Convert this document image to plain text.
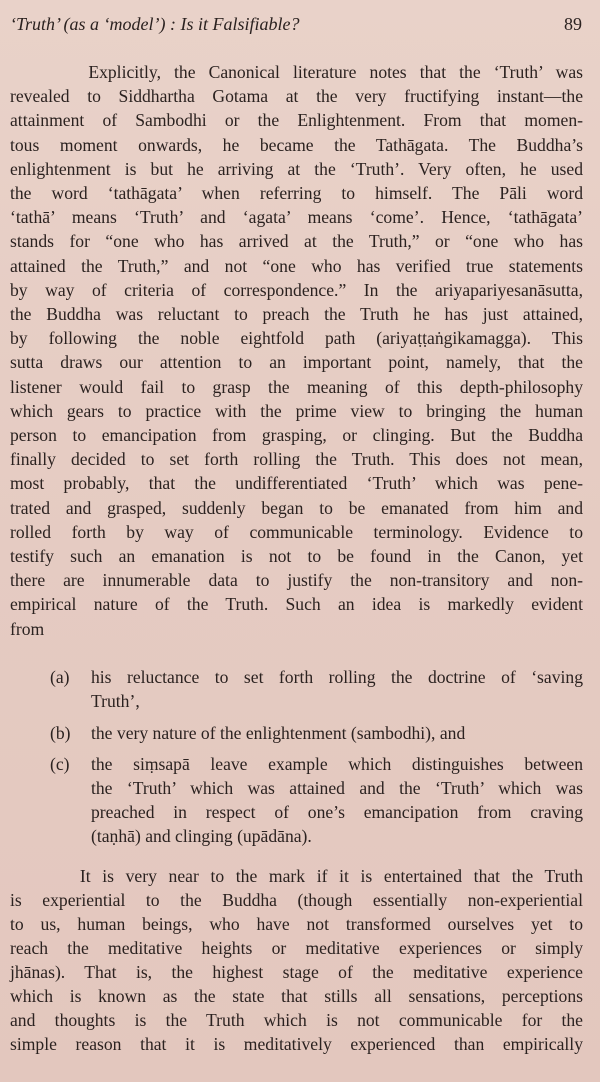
‘Truth’ (as a ‘model’) : Is it Falsifiable?	89
Explicitly, the Canonical literature notes that the ‘Truth’ was
revealed to Siddhartha Gotama at the very fructifying instant—the
attainment of Sambodhi or the Enlightenment. From that momen-
tous moment onwards, he became the Tathāgata. The Buddha’s
enlightenment is but he arriving at the ‘Truth’. Very often, he used
the word ‘tathāgata’ when referring to himself. The Pāli word
‘tathā’ means ‘Truth’ and ‘agata’ means ‘come’. Hence, ‘tathāgata’
stands for “one who has arrived at the Truth,” or “one who has
attained the Truth,” and not “one who has verified true statements
by way of criteria of correspondence.” In the ariyapariyesanāsutta,
the Buddha was reluctant to preach the Truth he has just attained,
by following the noble eightfold path (ariyaṭṭaṅgikamagga). This
sutta draws our attention to an important point, namely, that the
listener would fail to grasp the meaning of this depth-philosophy
which gears to practice with the prime view to bringing the human
person to emancipation from grasping, or clinging. But the Buddha
finally decided to set forth rolling the Truth. This does not mean,
most probably, that the undifferentiated ‘Truth’ which was pene-
trated and grasped, suddenly began to be emanated from him and
rolled forth by way of communicable terminology. Evidence to
testify such an emanation is not to be found in the Canon, yet
there are innumerable data to justify the non-transitory and non-
empirical nature of the Truth. Such an idea is markedly evident
from
(a) his reluctance to set forth rolling the doctrine of ‘saving
Truth’,
(b) the very nature of the enlightenment (sambodhi), and
(c) the siṃsapā leave example which distinguishes between
the ‘Truth’ which was attained and the ‘Truth’ which was
preached in respect of one’s emancipation from craving
(taṇhā) and clinging (upādāna).
It is very near to the mark if it is entertained that the Truth
is experiential to the Buddha (though essentially non-experiential
to us, human beings, who have not transformed ourselves yet to
reach the meditative heights or meditative experiences or simply
jhānas). That is, the highest stage of the meditative experience
which is known as the state that stills all sensations, perceptions
and thoughts is the Truth which is not communicable for the
simple reason that it is meditatively experienced than empirically
